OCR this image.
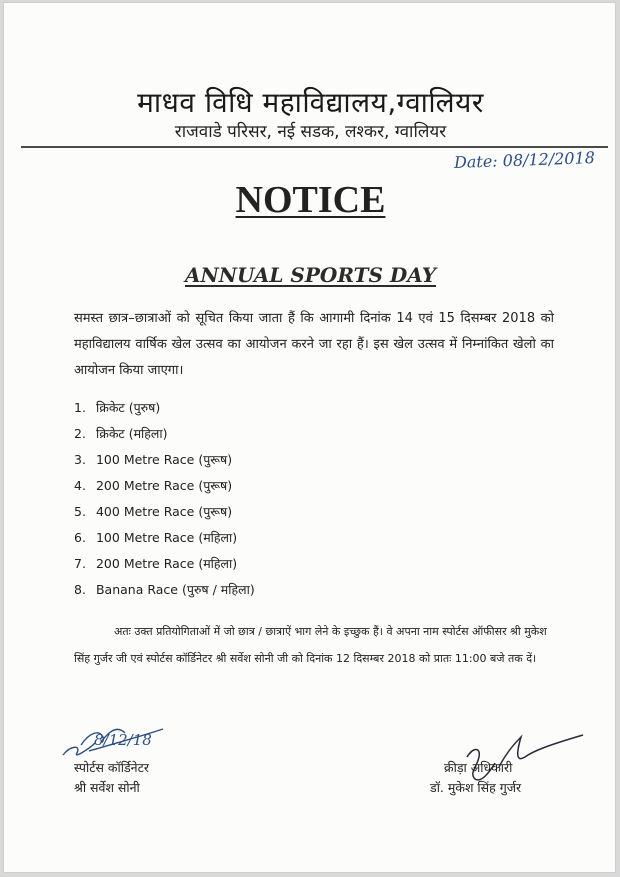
माधव विधि महाविद्यालय,ग्वालियर
राजवाडे परिसर, नई सडक, लश्कर, ग्वालियर
Date: 08/12/2018
NOTICE
ANNUAL SPORTS DAY
समस्त छात्र–छात्राओं को सूचित किया जाता हैं कि आगामी दिनांक 14 एवं 15 दिसम्बर 2018 को महाविद्यालय वार्षिक खेल उत्सव का आयोजन करने जा रहा हैं। इस खेल उत्सव में निम्नांकित खेलो का आयोजन किया जाएगा।
1. क्रिकेट (पुरुष)
2. क्रिकेट (महिला)
3. 100 Metre Race (पुरूष)
4. 200 Metre Race (पुरूष)
5. 400 Metre Race (पुरूष)
6. 100 Metre Race (महिला)
7. 200 Metre Race (महिला)
8. Banana Race (पुरुष / महिला)
अतः उक्त प्रतियोगिताओं में जो छात्र / छात्राऐं भाग लेने के इच्छुक हैं। वे अपना नाम स्पोर्टस ऑफीसर श्री मुकेश सिंह गुर्जर जी एवं स्पोर्टस कॉर्डिनेटर श्री सर्वेश सोनी जी को दिनांक 12 दिसम्बर 2018 को प्रातः 11:00 बजे तक दें।
8/12/18
स्पोर्टस कॉर्डिनेटर
श्री सर्वेश सोनी
क्रीड़ा अधिकारी
डॉ. मुकेश सिंह गुर्जर
